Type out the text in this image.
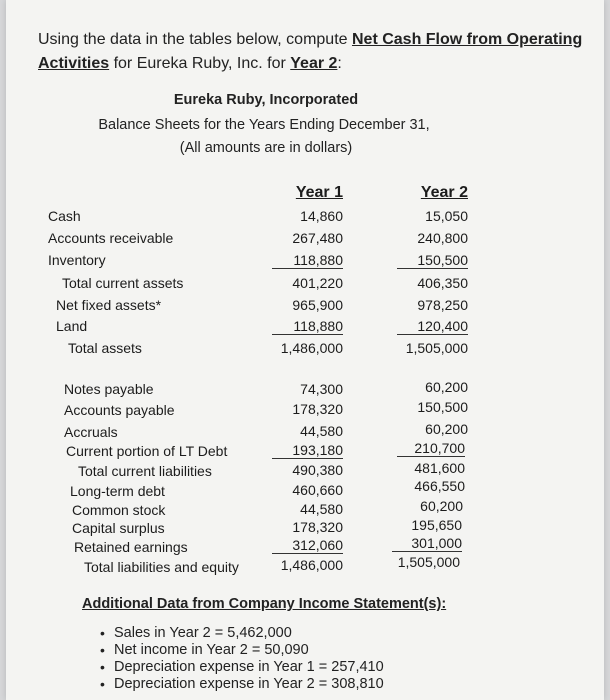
Using the data in the tables below, compute Net Cash Flow from Operating
Activities for Eureka Ruby, Inc. for Year 2:
Eureka Ruby, Incorporated
Balance Sheets for the Years Ending December 31,
(All amounts are in dollars)
Year 1	Year 2
Cash	14,860	15,050
Accounts receivable	267,480	240,800
Inventory	118,880	150,500
Total current assets	401,220	406,350
Net fixed assets*	965,900	978,250
Land	118,880	120,400
Total assets	1,486,000	1,505,000
Notes payable	74,300	60,200
Accounts payable	178,320	150,500
Accruals	44,580	60,200
Current portion of LT Debt	193,180	210,700
Total current liabilities	490,380	481,600
Long-term debt	460,660	466,550
Common stock	44,580	60,200
Capital surplus	178,320	195,650
Retained earnings	312,060	301,000
Total liabilities and equity	1,486,000	1,505,000
Additional Data from Company Income Statement(s):
• Sales in Year 2 = 5,462,000
• Net income in Year 2 = 50,090
• Depreciation expense in Year 1 = 257,410
• Depreciation expense in Year 2 = 308,810
